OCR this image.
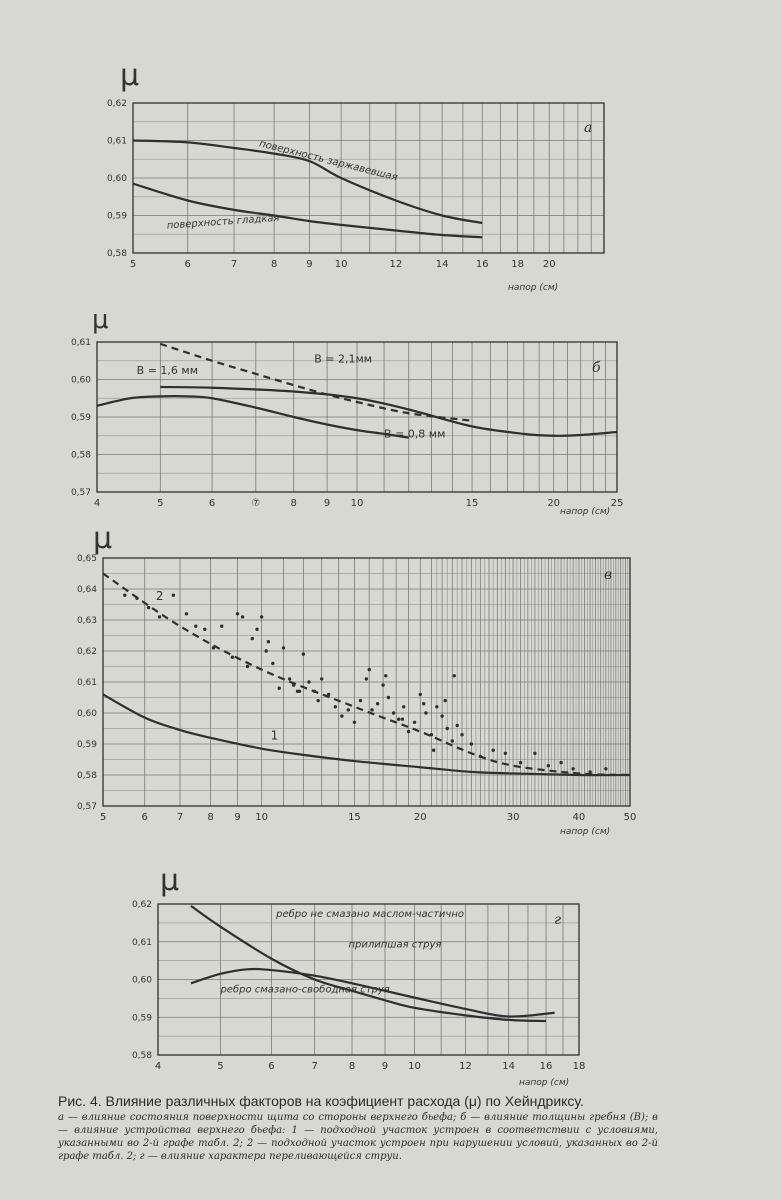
0,58
0,59
0,60
0,61
0,62
5	6	7	8	9 10	12	14	16 18 20
μ
напор (см)
а
поверхность заржавевшая
поверхность гладкая
0,57
0,58
0,59
0,60
0,61
4	5	6	⑦	8	9 10	15	20	25
μ
напор (см)
б
B = 2,1мм
B = 1,6 мм
B = 0,8 мм
0,57
0,58
0,59
0,60
0,61
0,62
0,63
0,64
0,65
5	6	7 8 9 10	15	20	30	40	50
μ
напор (см)
в
1
2
0,58
0,59
0,60
0,61
0,62
4	5	6	7	8	9 10	12	14 16 18
μ
напор (см)
г
ребро не смазано маслом-частично
прилипшая струя
ребро смазано-свободная струя
Рис. 4. Влияние различных факторов на коэфициент расхода (μ) по Хейндриксу.
а — влияние состояния поверхности щита со стороны верхнего бьефа; б — влияние толщины гребня (В); в — влияние устройства верхнего бьефа: 1 — подходной участок устроен в соответствии с условиями, указанными во 2-й графе табл. 2; 2 — подходной участок устроен при нарушении условий, указанных во 2-й графе табл. 2; г — влияние характера переливающейся струи.
